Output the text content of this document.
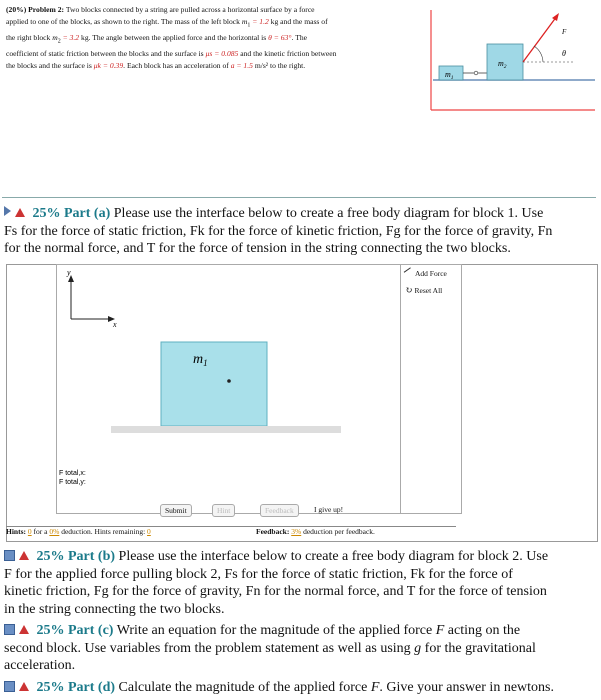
(20%) Problem 2: Two blocks connected by a string are pulled across a horizontal surface by a force
applied to one of the blocks, as shown to the right. The mass of the left block $m_1 = 1.2$ kg and the mass of
the right block $m_2 = 3.2$ kg. The angle between the applied force and the horizontal is θ = 63°. The
coefficient of static friction between the blocks and the surface is μs = 0.085 and the kinetic friction between
the blocks and the surface is μk = 0.39. Each block has an acceleration of a = 1.5 m/s² to the right.
$m_1$
$m_2$
F
θ
25% Part (a) Please use the interface below to create a free body diagram for block 1. Use
Fs for the force of static friction, Fk for the force of kinetic friction, Fg for the force of gravity, Fn
for the normal force, and T for the force of tension in the string connecting the two blocks.
y
x
$m_1$
F total,x:
F total,y:
Add Force
↻ Reset All
Submit	Hint	Feedback	I give up!
Hints: 0 for a 0% deduction. Hints remaining: 0	Feedback: 3% deduction per feedback.
25% Part (b) Please use the interface below to create a free body diagram for block 2. Use
F for the applied force pulling block 2, Fs for the force of static friction, Fk for the force of
kinetic friction, Fg for the force of gravity, Fn for the normal force, and T for the force of tension
in the string connecting the two blocks.
25% Part (c) Write an equation for the magnitude of the applied force F acting on the
second block. Use variables from the problem statement as well as using g for the gravitational
acceleration.
25% Part (d) Calculate the magnitude of the applied force F. Give your answer in newtons.
